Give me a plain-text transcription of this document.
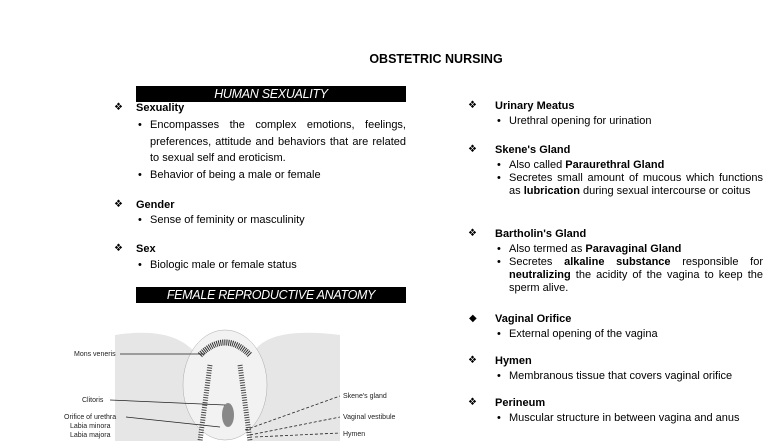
OBSTETRIC NURSING
HUMAN SEXUALITY
❖ Sexuality
• Encompasses the complex emotions, feelings, preferences, attitude and behaviors that are related to sexual self and eroticism.
• Behavior of being a male or female
❖ Gender
• Sense of feminity or masculinity
❖ Sex
• Biologic male or female status
FEMALE REPRODUCTIVE ANATOMY
Mons veneris
Clitoris
Orifice of urethra
Labia minora
Labia majora
Skene's gland
Vaginal vestibule
Hymen
❖ Urinary Meatus
• Urethral opening for urination
❖ Skene's Gland
• Also called Paraurethral Gland
• Secretes small amount of mucous which functions as lubrication during sexual intercourse or coitus
❖ Bartholin's Gland
• Also termed as Paravaginal Gland
• Secretes alkaline substance responsible for neutralizing the acidity of the vagina to keep the sperm alive.
◆ Vaginal Orifice
• External opening of the vagina
❖ Hymen
• Membranous tissue that covers vaginal orifice
❖ Perineum
• Muscular structure in between vagina and anus
